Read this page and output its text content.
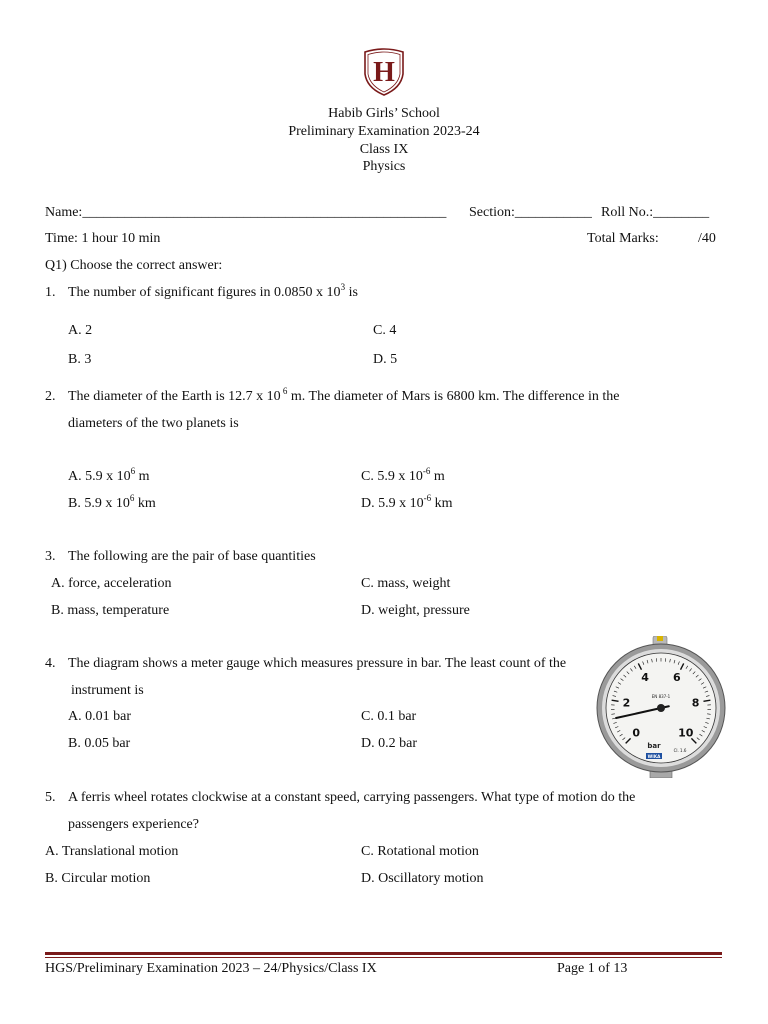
H
Habib Girls’ School
Preliminary Examination 2023-24
Class IX
Physics
Name:____________________________________________________ Section:___________ Roll No.:________
Time: 1 hour 10 min	Total Marks:	/40
Q1) Choose the correct answer:
1. The number of significant figures in 0.0850 x $10^3$ is
A. 2
B. 3
C. 4
D. 5
2. The diameter of the Earth is 12.7 x 10 $^6$ m. The diameter of Mars is 6800 km. The difference in the
diameters of the two planets is
A. 5.9 x $10^6$ m
B. 5.9 x $10^6$ km
C. 5.9 x $10^{-6}$ m
D. 5.9 x $10^{-6}$ km
3. The following are the pair of base quantities
A. force, acceleration
B. mass, temperature
C. mass, weight
D. weight, pressure
4. The diagram shows a meter gauge which measures pressure in bar. The least count of the
instrument is
A. 0.01 bar
B. 0.05 bar
C. 0.1 bar
D. 0.2 bar
0
2
4 6
8
10
EN 837-1
bar
Cl. 1.6
WIKA
5. A ferris wheel rotates clockwise at a constant speed, carrying passengers. What type of motion do the
passengers experience?
A. Translational motion
B. Circular motion
C. Rotational motion
D. Oscillatory motion
HGS/Preliminary Examination 2023 – 24/Physics/Class IX	Page 1 of 13
